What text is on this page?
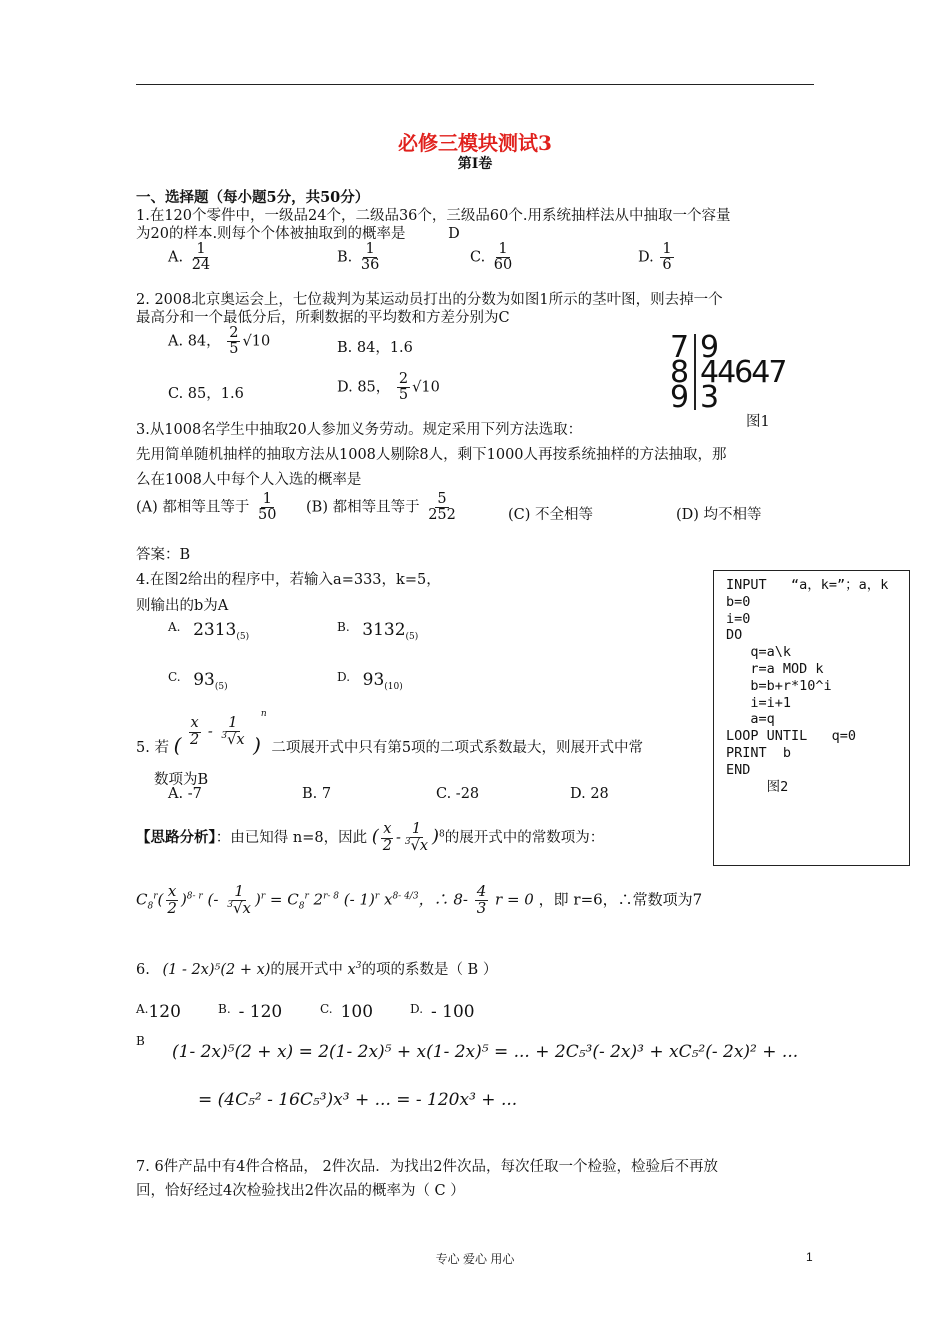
必修三模块测试3
第I卷
一、选择题（每小题5分，共50分）
1.在120个零件中，一级品24个，二级品36个，三级品60个.用系统抽样法从中抽取一个容量
为20的样本.则每个个体被抽取到的概率是	D
A. $\frac{1}{24}$	B. $\frac{1}{36}$	C. $\frac{1}{60}$	D. $\frac{1}{6}$
2. 2008北京奥运会上，七位裁判为某运动员打出的分数为如图1所示的茎叶图，则去掉一个
最高分和一个最低分后，所剩数据的平均数和方差分别为C
A. 84， $\frac{2}{5} √10$	B. 84，1.6
C. 85，1.6	D. 85， $\frac{2}{5} √10$
7 9
8 44647
9 3
图1
3.从1008名学生中抽取20人参加义务劳动。规定采用下列方法选取：
先用简单随机抽样的抽取方法从1008人剔除8人，剩下1000人再按系统抽样的方法抽取，那
么在1008人中每个人入选的概率是
(A) 都相等且等于 $\frac{1}{50} (B)$ 都相等且等于 $\frac{5}{252}$	(C) 不全相等	(D) 均不相等
答案：B
4.在图2给出的程序中，若输入a=333，k=5，
则输出的b为A
$^{A.}$ $2313_{(5)}$
$^{B.}$ $3132_{(5)}$
$^{C.}$ $93_{(5)}$
$^{D.}$ $93_{(10)}$
INPUT   “a，k=”；a，k
b=0
i=0
DO
q=a\k
r=a MOD k
b=b+r*10^i
i=i+1
a=q
LOOP UNTIL   q=0
PRINT  b
END
图2
5. 若 ( $\frac{x}{2} - \frac{1}{^3√x} )^n$ 二项展开式中只有第5项的二项式系数最大，则展开式中常
数项为B
A. -7	B. 7	C. -28	D. 28
【思路分析】：由已知得 n=8，因此 ( $\frac{x}{2} - \frac{1}{^3√x} )^8$的展开式中的常数项为：
$C_8^r( \frac{x}{2} )^{8- r}$ (- $\frac{1}{^3√x} )^r = C_8^r$ 2$^{r- 8}$ (- 1)$^r$ $x^{8- 4/3}$，∴ $8- \frac{4}{3}$ r = 0 ，即 r=6，∴常数项为7
6. (1 - 2x)⁵(2 + x)的展开式中 $x^3$的项的系数是（ B ）
$^{A.}$120	$^{B.}$ - 120	$^{C.}$ 100	$^{D.}$ - 100
B
(1- 2x)⁵(2 + x) = 2(1- 2x)⁵ + x(1- 2x)⁵ = ... + 2C₅³(- 2x)³ + xC₅²(- 2x)² + ...
= (4C₅² - 16C₅³)x³ + ... = - 120x³ + ...
7. 6件产品中有4件合格品， 2件次品．为找出2件次品，每次任取一个检验，检验后不再放
回，恰好经过4次检验找出2件次品的概率为（ C ）
专心 爱心 用心	1
